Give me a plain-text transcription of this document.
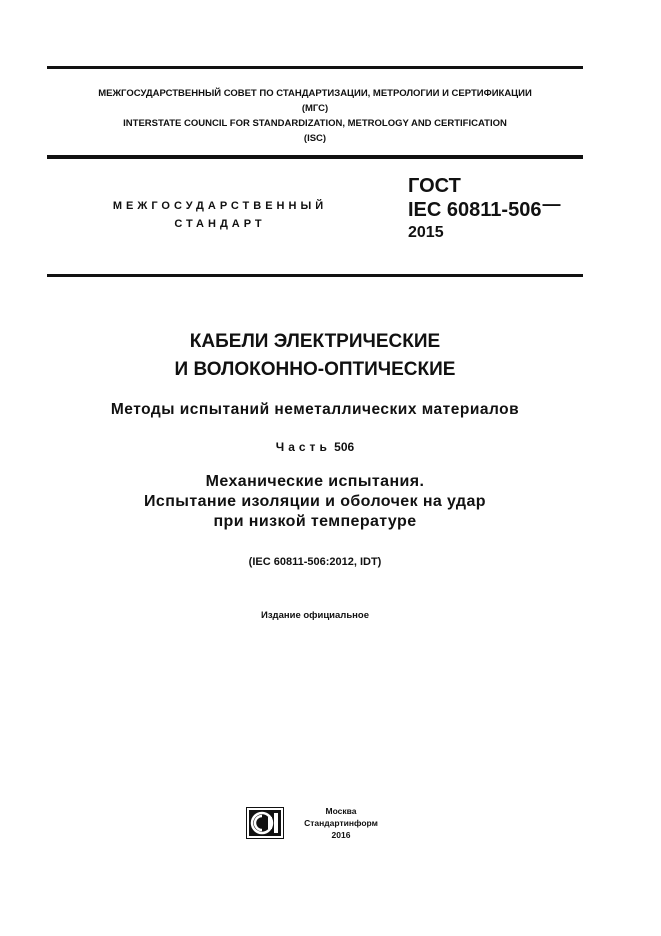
МЕЖГОСУДАРСТВЕННЫЙ СОВЕТ ПО СТАНДАРТИЗАЦИИ, МЕТРОЛОГИИ И СЕРТИФИКАЦИИ
(МГС)
INTERSTATE COUNCIL FOR STANDARDIZATION, METROLOGY AND CERTIFICATION
(ISC)
МЕЖГОСУДАРСТВЕННЫЙ
СТАНДАРТ
ГОСТ
IEC 60811-506—
2015
КАБЕЛИ ЭЛЕКТРИЧЕСКИЕ
И ВОЛОКОННО-ОПТИЧЕСКИЕ
Методы испытаний неметаллических материалов
Часть 506
Механические испытания.
Испытание изоляции и оболочек на удар
при низкой температуре
(IEC 60811-506:2012, IDT)
Издание официальное
Москва
Стандартинформ
2016
